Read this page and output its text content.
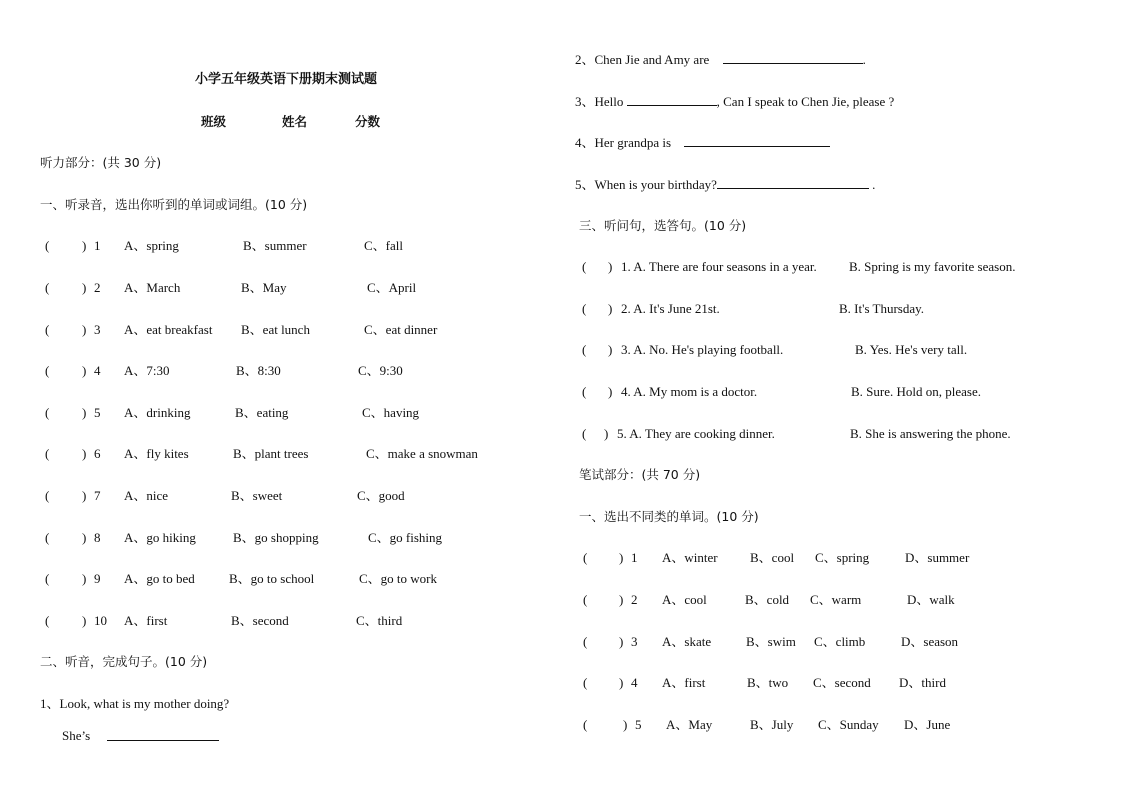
小学五年级英语下册期末测试题
班级	姓名	分数
听力部分：(共 30 分)
一、听录音，选出你听到的单词或词组。(10 分)
(	) 1 A、spring	B、summer	C、fall
(	) 2 A、March	B、May	C、April
(	) 3 A、eat breakfast B、eat lunch	C、eat dinner
(	) 4 A、7:30	B、8:30	C、9:30
(	) 5 A、drinking	B、eating	C、having
(	) 6 A、fly kites	B、plant trees	C、make a snowman
(	) 7 A、nice	B、sweet	C、good
(	) 8 A、go hiking	B、go shopping	C、go fishing
(	) 9 A、go to bed	B、go to school	C、go to work
(	) 10 A、first	B、second	C、third
二、听音，完成句子。(10 分)
1、Look, what is my mother doing?
She’s
2、Chen Jie and Amy are	.
3、Hello	, Can I speak to Chen Jie, please ?
4、Her grandpa is
5、When is your birthday?	.
三、听问句，选答句。(10 分)
( ) 1. A. There are four seasons in a year. B. Spring is my favorite season.
( ) 2. A. It's June 21st.	B. It's Thursday.
( ) 3. A. No. He's playing football.	B. Yes. He's very tall.
( ) 4. A. My mom is a doctor.	B. Sure. Hold on, please.
( ) 5. A. They are cooking dinner.	B. She is answering the phone.
笔试部分：(共 70 分)
一、选出不同类的单词。(10 分)
( ) 1 A、winter B、cool C、spring	D、summer
( ) 2 A、cool	B、cold C、warm	D、walk
( ) 3 A、skate	B、swim C、climb	D、season
( ) 4 A、first	B、two C、second D、third
(	) 5 A、May	B、July C、Sunday D、June
